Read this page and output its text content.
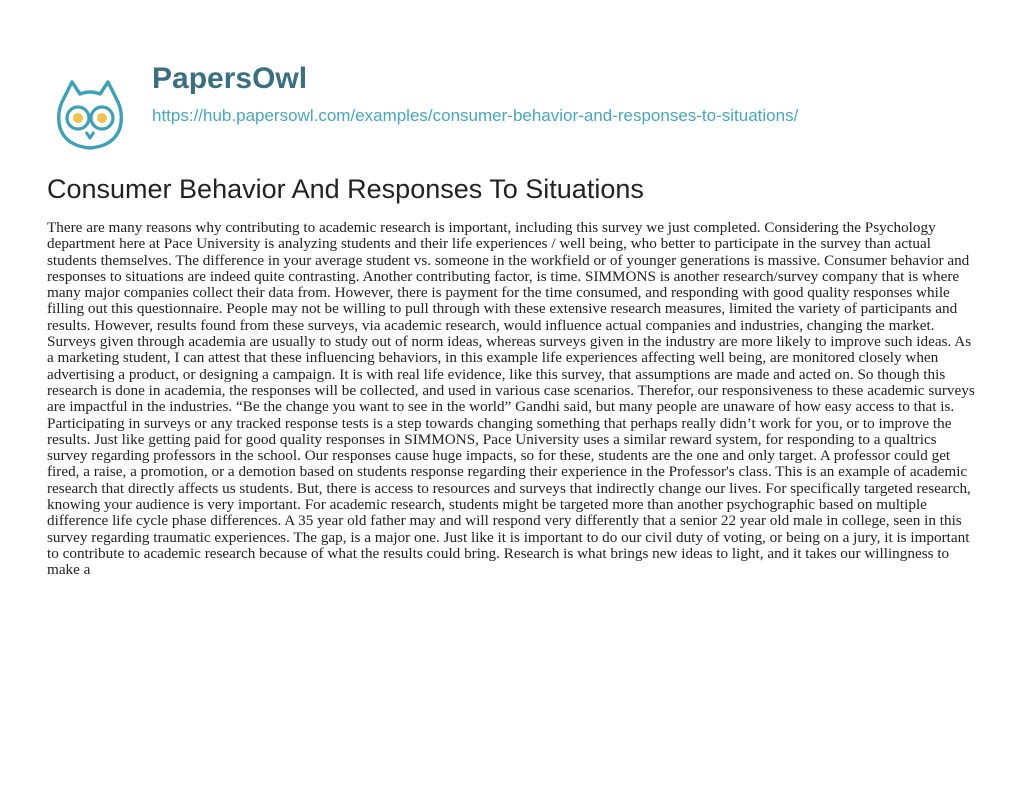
PapersOwl
https://hub.papersowl.com/examples/consumer-behavior-and-responses-to-situations/
Consumer Behavior And Responses To Situations

There are many reasons why contributing to academic research is important, including this survey we just completed. Considering the Psychology department here at Pace University is analyzing students and their life experiences / well being, who better to participate in the survey than actual students themselves. The difference in your average student vs. someone in the workfield or of younger generations is massive. Consumer behavior and responses to situations are indeed quite contrasting. Another contributing factor, is time. SIMMONS is another research/survey company that is where many major companies collect their data from. However, there is payment for the time consumed, and responding with good quality responses while filling out this questionnaire. People may not be willing to pull through with these extensive research measures, limited the variety of participants and results. However, results found from these surveys, via academic research, would influence actual companies and industries, changing the market. Surveys given through academia are usually to study out of norm ideas, whereas surveys given in the industry are more likely to improve such ideas. As a marketing student, I can attest that these influencing behaviors, in this example life experiences affecting well being, are monitored closely when advertising a product, or designing a campaign. It is with real life evidence, like this survey, that assumptions are made and acted on. So though this research is done in academia, the responses will be collected, and used in various case scenarios. Therefor, our responsiveness to these academic surveys are impactful in the industries. “Be the change you want to see in the world” Gandhi said, but many people are unaware of how easy access to that is. Participating in surveys or any tracked response tests is a step towards changing something that perhaps really didn’t work for you, or to improve the results. Just like getting paid for good quality responses in SIMMONS, Pace University uses a similar reward system, for responding to a qualtrics survey regarding professors in the school. Our responses cause huge impacts, so for these, students are the one and only target. A professor could get fired, a raise, a promotion, or a demotion based on students response regarding their experience in the Professor's class. This is an example of academic research that directly affects us students. But, there is access to resources and surveys that indirectly change our lives. For specifically targeted research, knowing your audience is very important. For academic research, students might be targeted more than another psychographic based on multiple difference life cycle phase differences. A 35 year old father may and will respond very differently that a senior 22 year old male in college, seen in this survey regarding traumatic experiences. The gap, is a major one. Just like it is important to do our civil duty of voting, or being on a jury, it is important to contribute to academic research because of what the results could bring. Research is what brings new ideas to light, and it takes our willingness to make a
